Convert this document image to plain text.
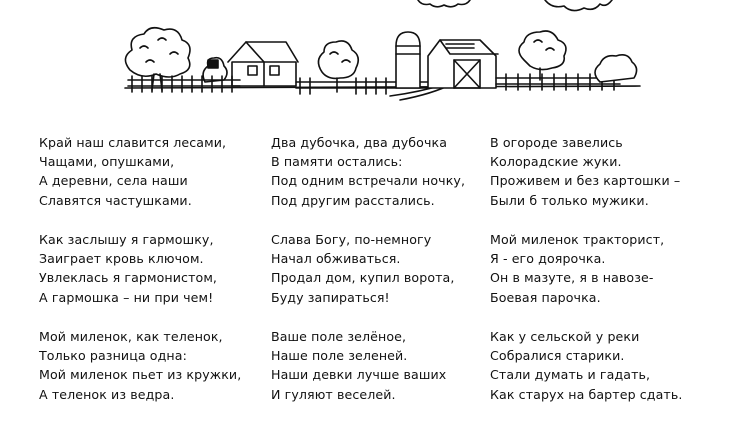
Край наш славится лесами,
Чащами, опушками,
А деревни, села наши
Славятся частушками.
Как заслышу я гармошку,
Заиграет кровь ключом.
Увлеклась я гармонистом,
А гармошка – ни при чем!
Мой миленок, как теленок,
Только разница одна:
Мой миленок пьет из кружки,
А теленок из ведра.
Два дубочка, два дубочка
В памяти остались:
Под одним встречали ночку,
Под другим расстались.
Слава Богу, по-немногу
Начал обживаться.
Продал дом, купил ворота,
Буду запираться!
Ваше поле зелёное,
Наше поле зеленей.
Наши девки лучше ваших
И гуляют веселей.
В огороде завелись
Колорадские жуки.
Проживем и без картошки –
Были б только мужики.
Мой миленок тракторист,
Я - его доярочка.
Он в мазуте, я в навозе-
Боевая парочка.
Как у сельской у реки
Собралися старики.
Стали думать и гадать,
Как старух на бартер сдать.
